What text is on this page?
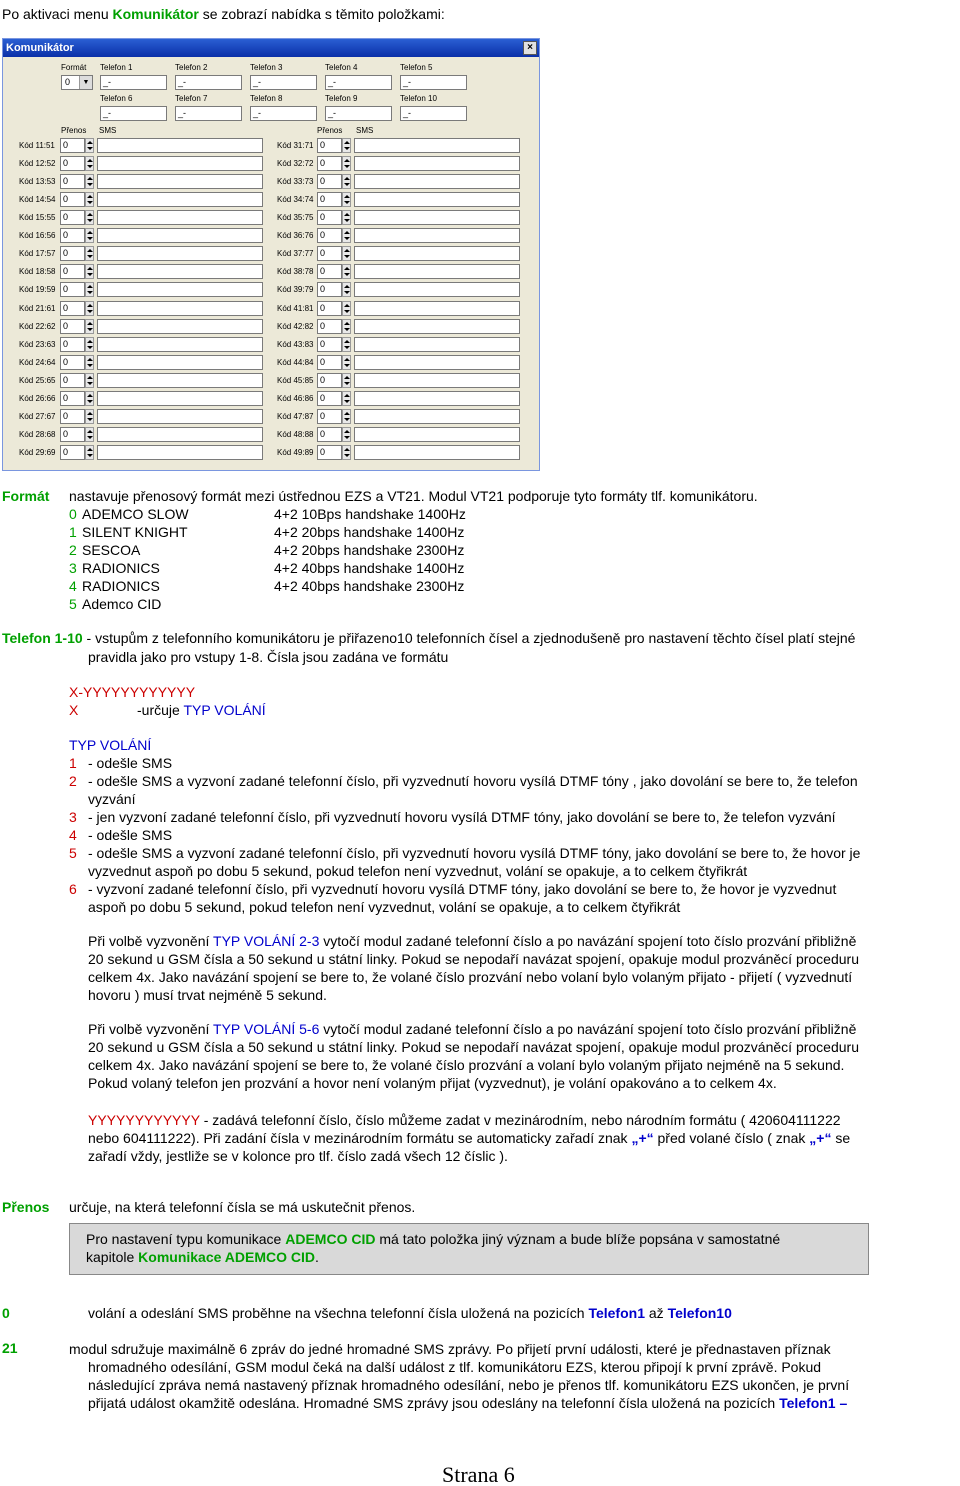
Po aktivaci menu Komunikátor se zobrazí nabídka s těmito položkami:
Komunikátor	×
Formát
0	▼
Telefon 1
_-
Telefon 2
_-
Telefon 3
_-
Telefon 4
_-
Telefon 5
_-
Telefon 6
_-
Telefon 7
_-
Telefon 8
_-
Telefon 9
_-
Telefon 10
_-
Přenos	Přenos
SMS	SMS
Kód 11:51 0	Kód 31:71 0
Kód 12:52 0	Kód 32:72 0
Kód 13:53 0	Kód 33:73 0
Kód 14:54 0	Kód 34:74 0
Kód 15:55 0	Kód 35:75 0
Kód 16:56 0	Kód 36:76 0
Kód 17:57 0	Kód 37:77 0
Kód 18:58 0	Kód 38:78 0
Kód 19:59 0	Kód 39:79 0
Kód 21:61 0	Kód 41:81 0
Kód 22:62 0	Kód 42:82 0
Kód 23:63 0	Kód 43:83 0
Kód 24:64 0	Kód 44:84 0
Kód 25:65 0	Kód 45:85 0
Kód 26:66 0	Kód 46:86 0
Kód 27:67 0	Kód 47:87 0
Kód 28:68 0	Kód 48:88 0
Kód 29:69 0	Kód 49:89 0
Formát nastavuje přenosový formát mezi ústřednou EZS a VT21. Modul VT21 podporuje tyto formáty tlf. komunikátoru.
0 ADEMCO SLOW	4+2 10Bps handshake 1400Hz
1 SILENT KNIGHT	4+2 20bps handshake 1400Hz
2 SESCOA	4+2 20bps handshake 2300Hz
3 RADIONICS	4+2 40bps handshake 1400Hz
4 RADIONICS	4+2 40bps handshake 2300Hz
5 Ademco CID
Telefon 1-10 - vstupům z telefonního komunikátoru je přiřazeno10 telefonních čísel a zjednodušeně pro nastavení těchto čísel platí stejné
pravidla jako pro vstupy 1-8. Čísla jsou zadána ve formátu
X-YYYYYYYYYYYY
X	-určuje TYP VOLÁNÍ
TYP VOLÁNÍ
1 - odešle SMS
2 - odešle SMS a vyzvoní zadané telefonní číslo, při vyzvednutí hovoru vysílá DTMF tóny , jako dovolání se bere to, že telefon
vyzvání
3 - jen vyzvoní zadané telefonní číslo, při vyzvednutí hovoru vysílá DTMF tóny, jako dovolání se bere to, že telefon vyzvání
4 - odešle SMS
5 - odešle SMS a vyzvoní zadané telefonní číslo, při vyzvednutí hovoru vysílá DTMF tóny, jako dovolání se bere to, že hovor je
vyzvednut aspoň po dobu 5 sekund, pokud telefon není vyzvednut, volání se opakuje, a to celkem čtyřikrát
6 - vyzvoní zadané telefonní číslo, při vyzvednutí hovoru vysílá DTMF tóny, jako dovolání se bere to, že hovor je vyzvednut
aspoň po dobu 5 sekund, pokud telefon není vyzvednut, volání se opakuje, a to celkem čtyřikrát
Při volbě vyzvonění TYP VOLÁNÍ 2-3 vytočí modul zadané telefonní číslo a po navázání spojení toto číslo prozvání přibližně
20 sekund u GSM čísla a 50 sekund u státní linky. Pokud se nepodaří navázat spojení, opakuje modul prozváněcí proceduru
celkem 4x. Jako navázání spojení se bere to, že volané číslo prozvání nebo volaní bylo volaným přijato - přijetí ( vyzvednutí
hovoru ) musí trvat nejméně 5 sekund.
Při volbě vyzvonění TYP VOLÁNÍ 5-6 vytočí modul zadané telefonní číslo a po navázání spojení toto číslo prozvání přibližně
20 sekund u GSM čísla a 50 sekund u státní linky. Pokud se nepodaří navázat spojení, opakuje modul prozváněcí proceduru
celkem 4x. Jako navázání spojení se bere to, že volané číslo prozvání a volaní bylo volaným přijato nejméně na 5 sekund.
Pokud volaný telefon jen prozvání a hovor není volaným přijat (vyzvednut), je volání opakováno a to celkem 4x.
YYYYYYYYYYYY - zadává telefonní číslo, číslo můžeme zadat v mezinárodním, nebo národním formátu ( 420604111222
nebo 604111222). Při zadání čísla v mezinárodním formátu se automaticky zařadí znak „+“ před volané číslo ( znak „+“ se
zařadí vždy, jestliže se v kolonce pro tlf. číslo zadá všech 12 číslic ).
Přenos určuje, na která telefonní čísla se má uskutečnit přenos.
Pro nastavení typu komunikace ADEMCO CID má tato položka jiný význam a bude blíže popsána v samostatné
kapitole Komunikace ADEMCO CID.
0	volání a odeslání SMS proběhne na všechna telefonní čísla uložená na pozicích Telefon1 až Telefon10
21	modul sdružuje maximálně 6 zpráv do jedné hromadné SMS zprávy. Po přijetí první události, které je přednastaven příznak
hromadného odesílání, GSM modul čeká na další událost z tlf. komunikátoru EZS, kterou připojí k první zprávě. Pokud
následující zpráva nemá nastavený příznak hromadného odesílání, nebo je přenos tlf. komunikátoru EZS ukončen, je první
přijatá událost okamžitě odeslána. Hromadné SMS zprávy jsou odeslány na telefonní čísla uložená na pozicích Telefon1 –
Strana 6
